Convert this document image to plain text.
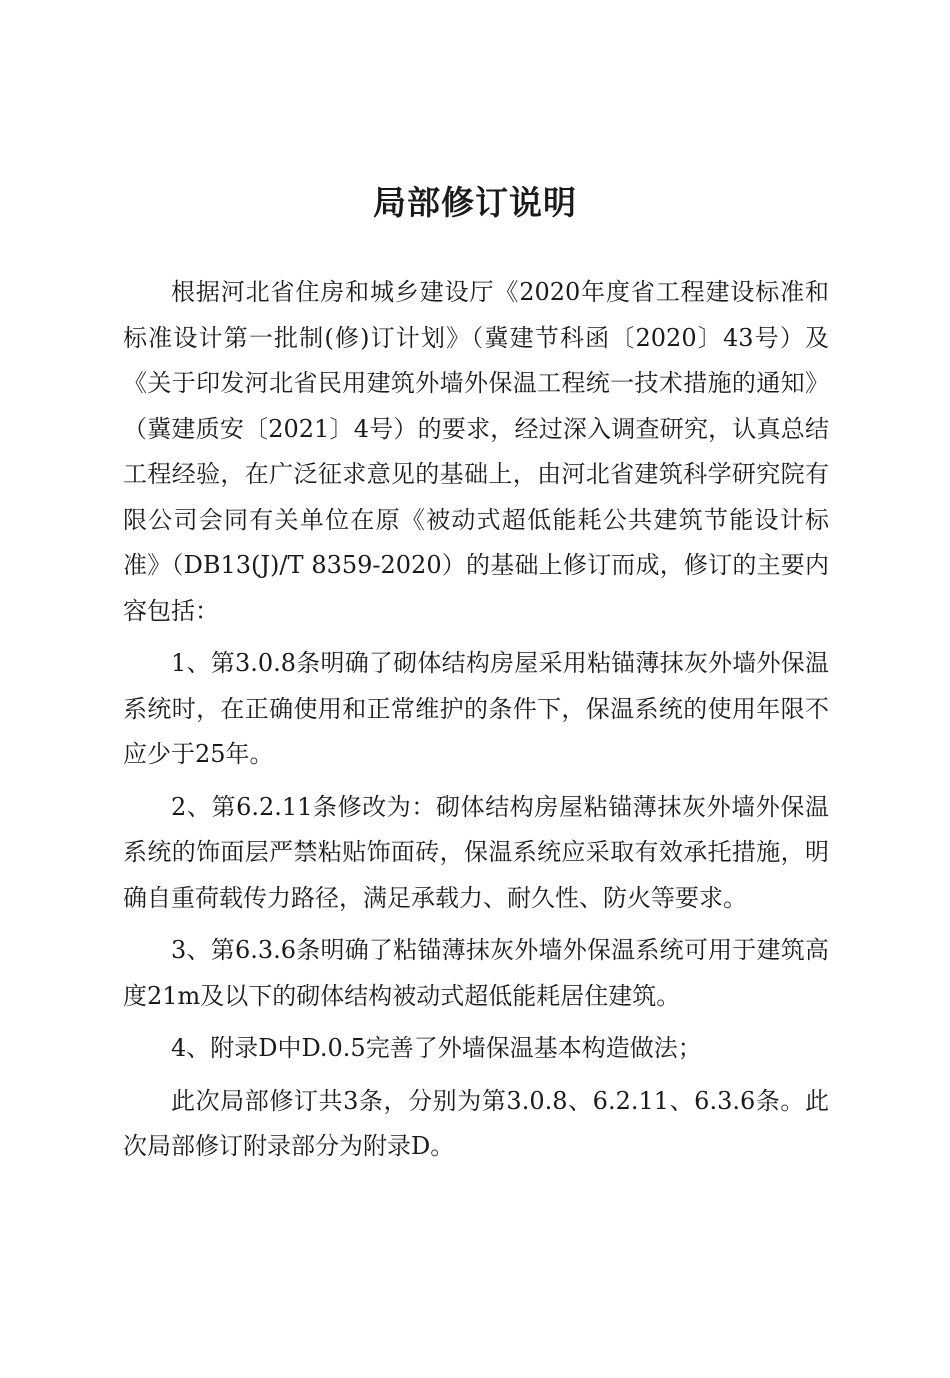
局部修订说明

根据河北省住房和城乡建设厅《2020年度省工程建设标准和标准设计第一批制(修)订计划》（冀建节科函〔2020〕43号）及《关于印发河北省民用建筑外墙外保温工程统一技术措施的通知》（冀建质安〔2021〕4号）的要求，经过深入调查研究，认真总结工程经验，在广泛征求意见的基础上，由河北省建筑科学研究院有限公司会同有关单位在原《被动式超低能耗公共建筑节能设计标准》（DB13(J)/T 8359-2020）的基础上修订而成，修订的主要内容包括：

1、第3.0.8条明确了砌体结构房屋采用粘锚薄抹灰外墙外保温系统时，在正确使用和正常维护的条件下，保温系统的使用年限不应少于25年。

2、第6.2.11条修改为：砌体结构房屋粘锚薄抹灰外墙外保温系统的饰面层严禁粘贴饰面砖，保温系统应采取有效承托措施，明确自重荷载传力路径，满足承载力、耐久性、防火等要求。

3、第6.3.6条明确了粘锚薄抹灰外墙外保温系统可用于建筑高度21m及以下的砌体结构被动式超低能耗居住建筑。

4、附录D中D.0.5完善了外墙保温基本构造做法；

此次局部修订共3条，分别为第3.0.8、6.2.11、6.3.6条。此次局部修订附录部分为附录D。
